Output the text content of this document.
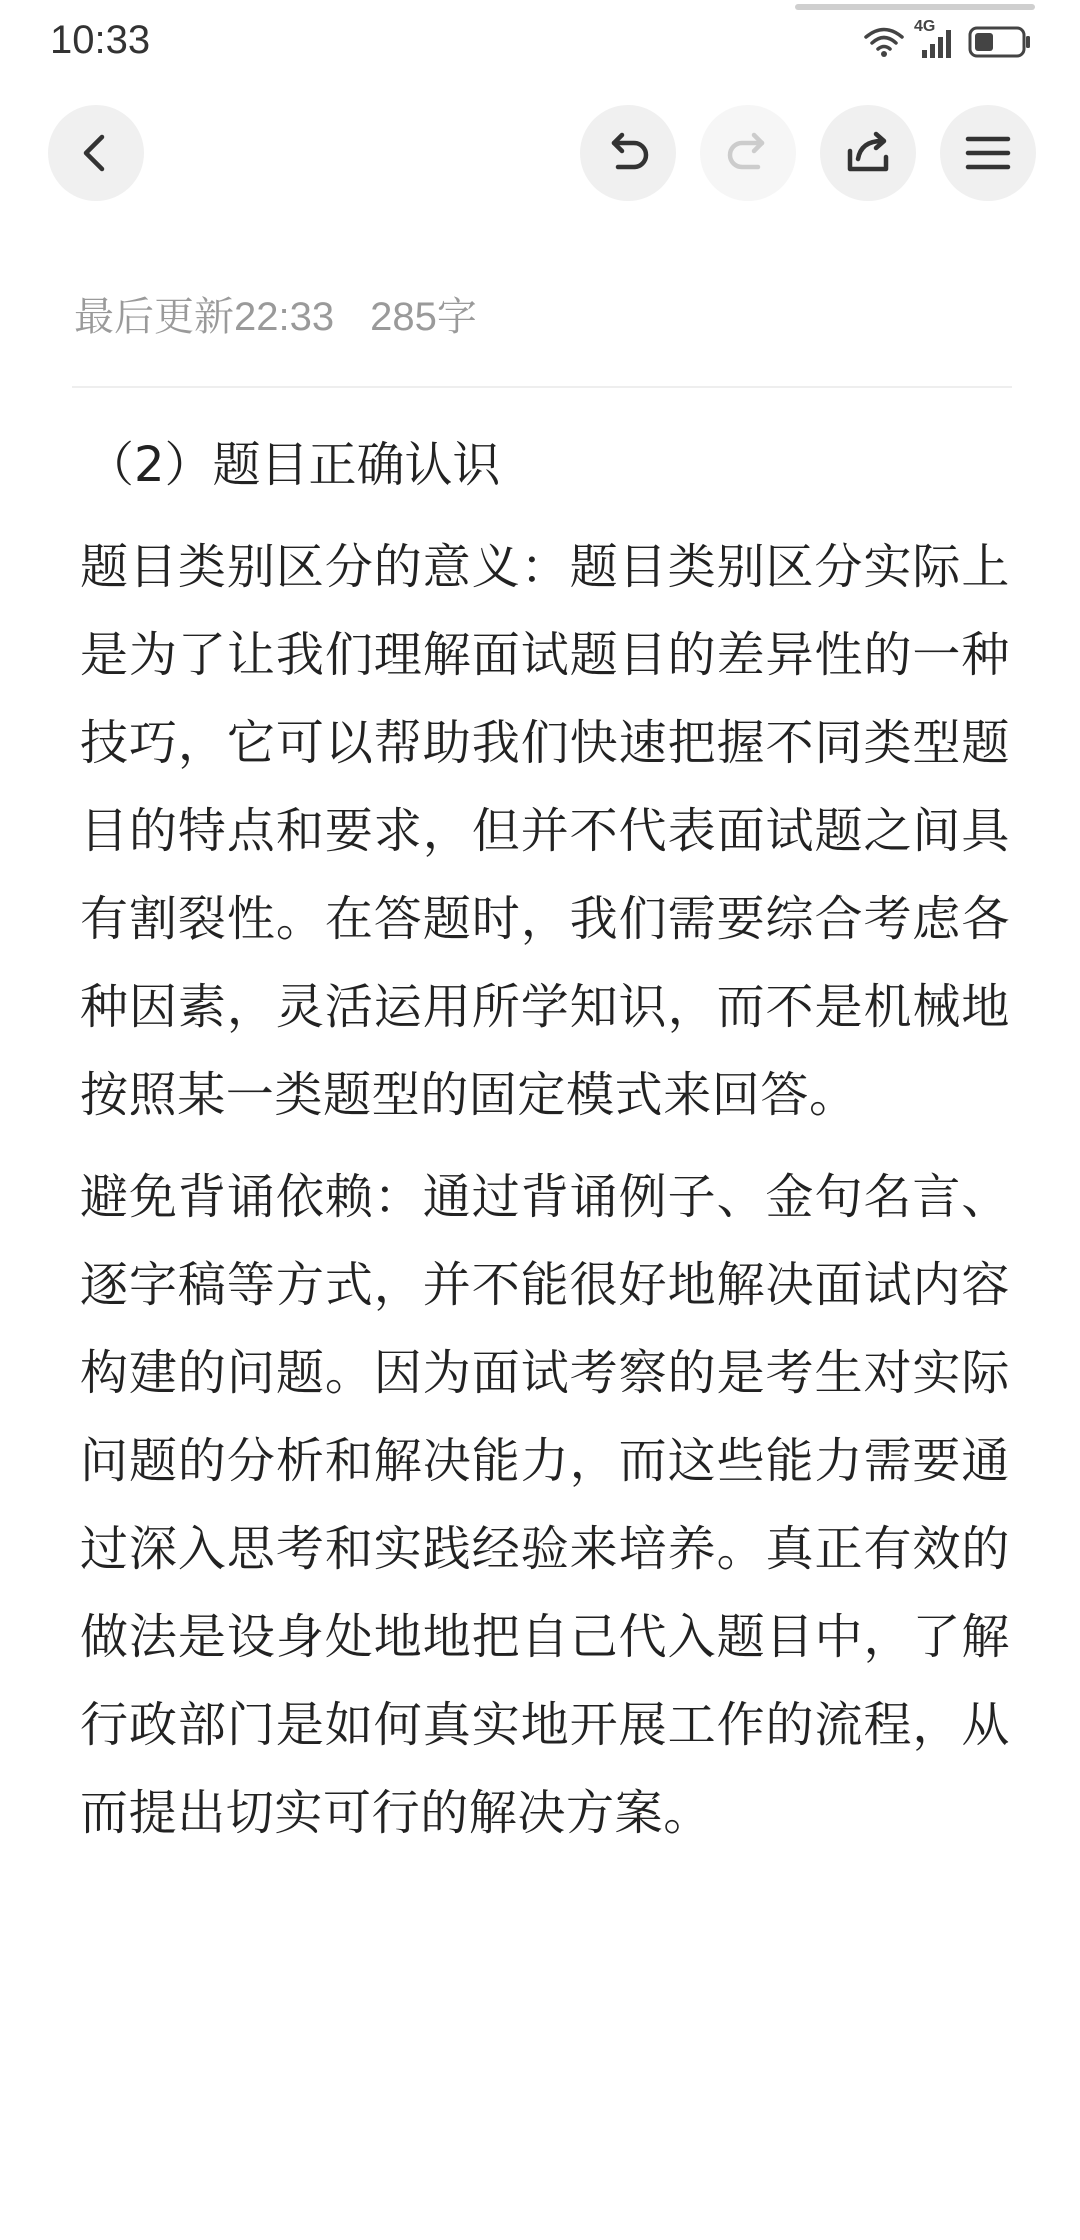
10:33	4G
最后更新22:33 285字
（2）题目正确认识

题目类别区分的意义：题目类别区分实际上是为了让我们理解面试题目的差异性的一种技巧，它可以帮助我们快速把握不同类型题目的特点和要求，但并不代表面试题之间具有割裂性。在答题时，我们需要综合考虑各种因素，灵活运用所学知识，而不是机械地按照某一类题型的固定模式来回答。

避免背诵依赖：通过背诵例子、金句名言、逐字稿等方式，并不能很好地解决面试内容构建的问题。因为面试考察的是考生对实际问题的分析和解决能力，而这些能力需要通过深入思考和实践经验来培养。真正有效的做法是设身处地地把自己代入题目中，了解行政部门是如何真实地开展工作的流程，从而提出切实可行的解决方案。
